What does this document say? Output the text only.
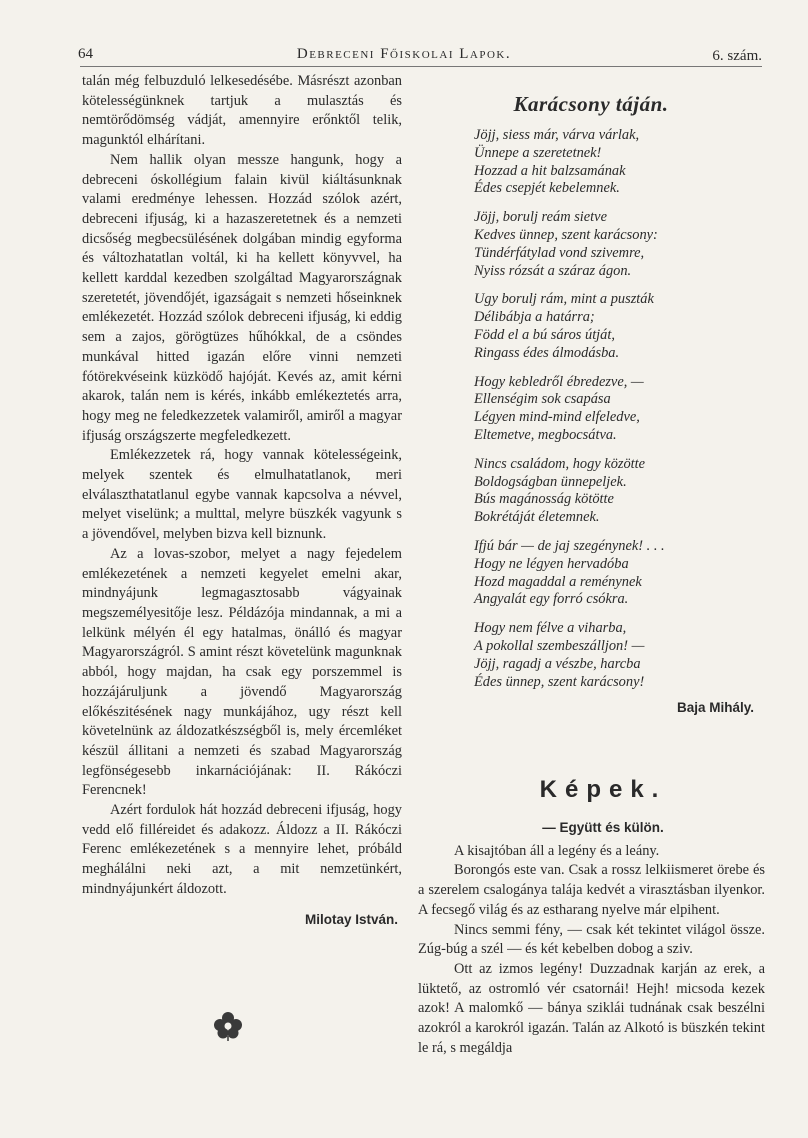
64	Debreceni Főiskolai Lapok.	6. szám.

talán még felbuzduló lelkesedésébe. Másrészt azonban kötelességünknek tartjuk a mulasztás és nemtörődömség vádját, amennyire erőnktől telik, magunktól elhárítani.

Nem hallik olyan messze hangunk, hogy a debreceni óskollégium falain kivül kiáltásunknak valami eredménye lehessen. Hozzád szólok azért, debreceni ifjuság, ki a hazaszeretetnek és a nemzeti dicsőség megbecsülésének dolgában mindig egyforma és változhatatlan voltál, ki ha kellett könyvvel, ha kellett karddal kezedben szolgáltad Magyarországnak szeretetét, jövendőjét, igazságait s nemzeti hőseinknek emlékezetét. Hozzád szólok debreceni ifjuság, ki eddig sem a zajos, görögtüzes hűhókkal, de a csöndes munkával hitted igazán előre vinni nemzeti fótörekvéseink küzködő hajóját. Kevés az, amit kérni akarok, talán nem is kérés, inkább emlékeztetés arra, hogy meg ne feledkezzetek valamiről, amiről a magyar ifjuság országszerte megfeledkezett.

Emlékezzetek rá, hogy vannak kötelességeink, melyek szentek és elmulhatatlanok, meri elválaszthatatlanul egybe vannak kapcsolva a névvel, melyet viselünk; a multtal, melyre büszkék vagyunk s a jövendővel, melyben bizva kell biznunk.

Az a lovas-szobor, melyet a nagy fejedelem emlékezetének a nemzeti kegyelet emelni akar, mindnyájunk legmagasztosabb vágyainak megszemélyesitője lesz. Példázója mindannak, a mi a lelkünk mélyén él egy hatalmas, önálló és magyar Magyarországról. S amint részt követelünk magunknak abból, hogy majdan, ha csak egy porszemmel is hozzájáruljunk a jövendő Magyarország előkészitésének nagy munkájához, ugy részt kell követelnünk az áldozatkészségből is, mely ércemléket készül állitani a nemzeti és szabad Magyarország legfönségesebb inkarnációjának: II. Rákóczi Ferencnek!

Azért fordulok hát hozzád debreceni ifjuság, hogy vedd elő filléreidet és adakozz. Áldozz a II. Rákóczi Ferenc emlékezetének s a mennyire lehet, próbáld meghálálni neki azt, a mit nemzetünkért, mindnyájunkért áldozott.

Milotay István.
Karácsony táján.
Jöjj, siess már, várva várlak,
Ünnepe a szeretetnek!
Hozzad a hit balzsamának
Édes csepjét kebelemnek.
Jöjj, borulj reám sietve
Kedves ünnep, szent karácsony:
Tündérfátylad vond szivemre,
Nyiss rózsát a száraz ágon.
Ugy borulj rám, mint a puszták
Délibábja a határra;
Född el a bú sáros útját,
Ringass édes álmodásba.
Hogy kebledről ébredezve, —
Ellenségim sok csapása
Légyen mind-mind elfeledve,
Eltemetve, megbocsátva.
Nincs családom, hogy közötte
Boldogságban ünnepeljek.
Bús magánosság kötötte
Bokrétáját életemnek.
Ifjú bár — de jaj szegénynek! . . .
Hogy ne légyen hervadóba
Hozd magaddal a reménynek
Angyalát egy forró csókra.
Hogy nem félve a viharba,
A pokollal szembeszálljon! —
Jöjj, ragadj a vészbe, harcba
Édes ünnep, szent karácsony!
Baja Mihály.
Képek.
— Együtt és külön.

A kisajtóban áll a legény és a leány.

Borongós este van. Csak a rossz lelkiismeret örebe és a szerelem csalogánya talája kedvét a virasztásban ilyenkor. A fecsegő világ és az estharang nyelve már elpihent.

Nincs semmi fény, — csak két tekintet világol össze. Zúg-búg a szél — és két kebelben dobog a sziv.

Ott az izmos legény! Duzzadnak karján az erek, a lüktető, az ostromló vér csatornái! Hejh! micsoda kezek azok! A malomkő — bánya sziklái tudnának csak beszélni azokról a karokról igazán. Talán az Alkotó is büszkén tekint le rá, s megáldja
